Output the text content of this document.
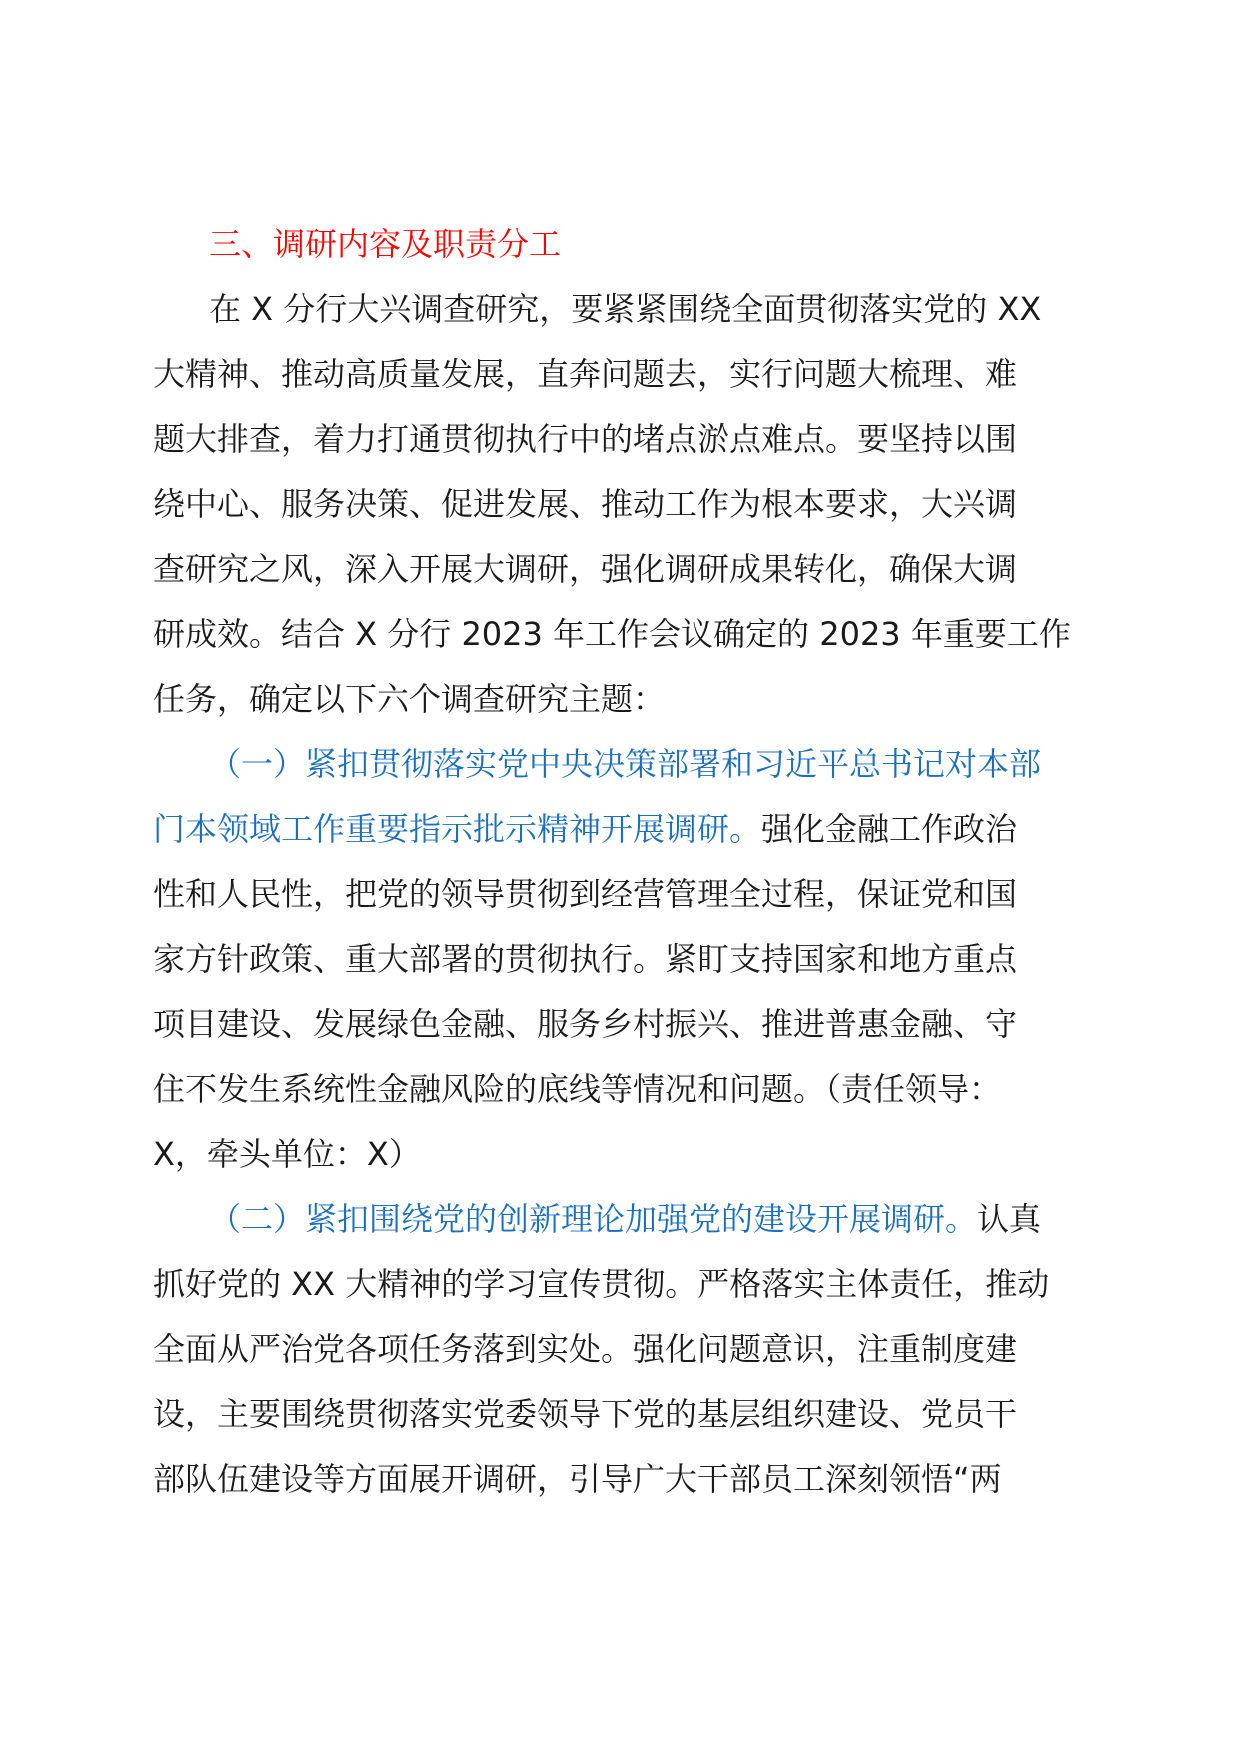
三、调研内容及职责分工

在 X 分行大兴调查研究，要紧紧围绕全面贯彻落实党的 XX
大精神、推动高质量发展，直奔问题去，实行问题大梳理、难
题大排查，着力打通贯彻执行中的堵点淤点难点。要坚持以围
绕中心、服务决策、促进发展、推动工作为根本要求，大兴调
查研究之风，深入开展大调研，强化调研成果转化，确保大调
研成效。结合 X 分行 2023 年工作会议确定的 2023 年重要工作
任务，确定以下六个调查研究主题：

（一）紧扣贯彻落实党中央决策部署和习近平总书记对本部
门本领域工作重要指示批示精神开展调研。强化金融工作政治
性和人民性，把党的领导贯彻到经营管理全过程，保证党和国
家方针政策、重大部署的贯彻执行。紧盯支持国家和地方重点
项目建设、发展绿色金融、服务乡村振兴、推进普惠金融、守
住不发生系统性金融风险的底线等情况和问题。（责任领导：
X，牵头单位：X）

（二）紧扣围绕党的创新理论加强党的建设开展调研。认真
抓好党的 XX 大精神的学习宣传贯彻。严格落实主体责任，推动
全面从严治党各项任务落到实处。强化问题意识，注重制度建
设，主要围绕贯彻落实党委领导下党的基层组织建设、党员干
部队伍建设等方面展开调研，引导广大干部员工深刻领悟“两
